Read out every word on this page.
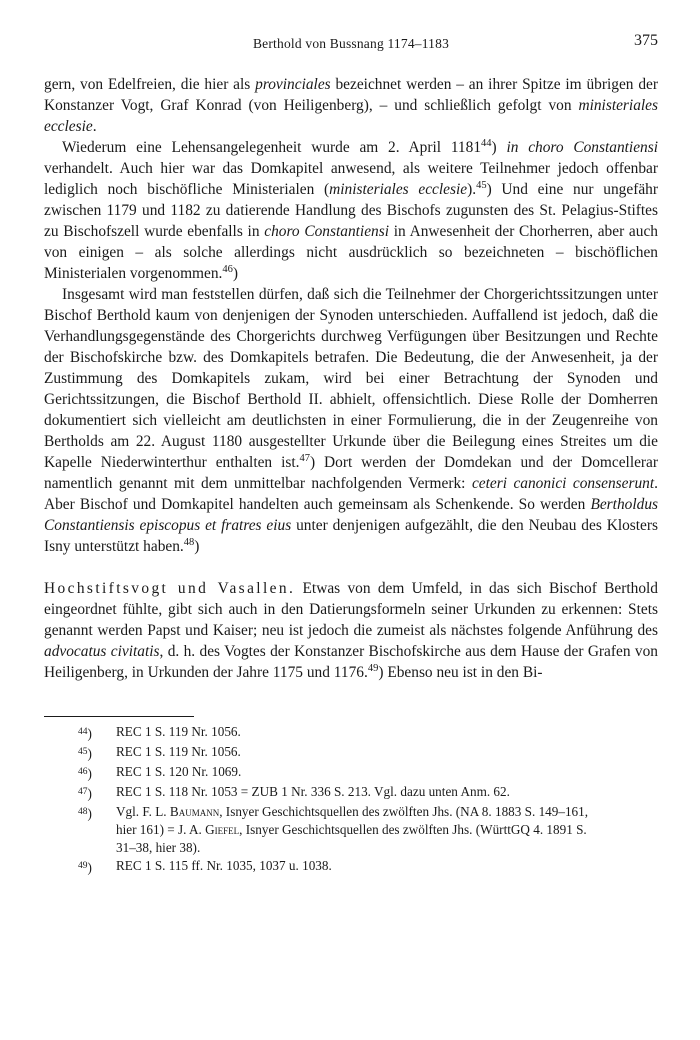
Berthold von Bussnang 1174–1183	375

gern, von Edelfreien, die hier als provinciales bezeichnet werden – an ihrer Spitze im übrigen der Konstanzer Vogt, Graf Konrad (von Heiligenberg), – und schließlich gefolgt von ministeriales ecclesie.

Wiederum eine Lehensangelegenheit wurde am 2. April 1181$^{44}$) in choro Constantiensi verhandelt. Auch hier war das Domkapitel anwesend, als weitere Teilnehmer jedoch offenbar lediglich noch bischöfliche Ministerialen (ministeriales ecclesie).$^{45}$) Und eine nur ungefähr zwischen 1179 und 1182 zu datierende Handlung des Bischofs zugunsten des St. Pelagius-Stiftes zu Bischofszell wurde ebenfalls in choro Constantiensi in Anwesenheit der Chorherren, aber auch von einigen – als solche allerdings nicht ausdrücklich so bezeichneten – bischöflichen Ministerialen vorgenommen.$^{46}$)

Insgesamt wird man feststellen dürfen, daß sich die Teilnehmer der Chorgerichtssitzungen unter Bischof Berthold kaum von denjenigen der Synoden unterschieden. Auffallend ist jedoch, daß die Verhandlungsgegenstände des Chorgerichts durchweg Verfügungen über Besitzungen und Rechte der Bischofskirche bzw. des Domkapitels betrafen. Die Bedeutung, die der Anwesenheit, ja der Zustimmung des Domkapitels zukam, wird bei einer Betrachtung der Synoden und Gerichtssitzungen, die Bischof Berthold II. abhielt, offensichtlich. Diese Rolle der Domherren dokumentiert sich vielleicht am deutlichsten in einer Formulierung, die in der Zeugenreihe von Bertholds am 22. August 1180 ausgestellter Urkunde über die Beilegung eines Streites um die Kapelle Niederwinterthur enthalten ist.$^{47}$) Dort werden der Domdekan und der Domcellerar namentlich genannt mit dem unmittelbar nachfolgenden Vermerk: ceteri canonici consenserunt. Aber Bischof und Domkapitel handelten auch gemeinsam als Schenkende. So werden Bertholdus Constantiensis episcopus et fratres eius unter denjenigen aufgezählt, die den Neubau des Klosters Isny unterstützt haben.$^{48}$)

Hochstiftsvogt und Vasallen. Etwas von dem Umfeld, in das sich Bischof Berthold eingeordnet fühlte, gibt sich auch in den Datierungsformeln seiner Urkunden zu erkennen: Stets genannt werden Papst und Kaiser; neu ist jedoch die zumeist als nächstes folgende Anführung des advocatus civitatis, d. h. des Vogtes der Konstanzer Bischofskirche aus dem Hause der Grafen von Heiligenberg, in Urkunden der Jahre 1175 und 1176.49) Ebenso neu ist in den Bi-

$^{44}$)	REC 1 S. 119 Nr. 1056.
$^{45}$)	REC 1 S. 119 Nr. 1056.
$^{46}$)	REC 1 S. 120 Nr. 1069.
$^{47}$)	REC 1 S. 118 Nr. 1053 = ZUB 1 Nr. 336 S. 213. Vgl. dazu unten Anm. 62.
$^{48}$)	Vgl. F. L. Baumann, Isnyer Geschichtsquellen des zwölften Jhs. (NA 8. 1883 S. 149–161, hier 161) = J. A. Giefel, Isnyer Geschichtsquellen des zwölften Jhs. (WürttGQ 4. 1891 S. 31–38, hier 38).
$^{49}$)	REC 1 S. 115 ff. Nr. 1035, 1037 u. 1038.
